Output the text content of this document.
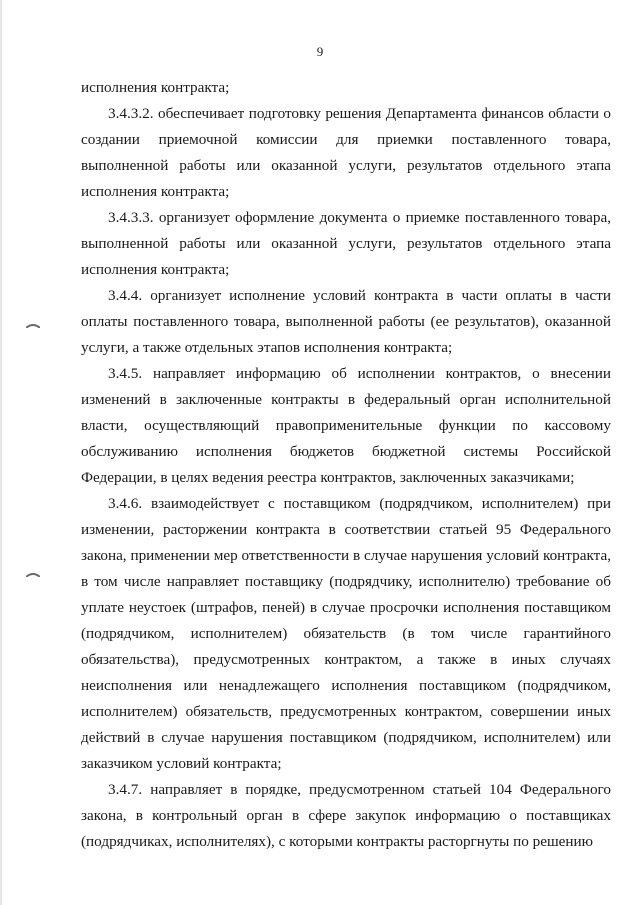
9

исполнения контракта;

3.4.3.2. обеспечивает подготовку решения Департамента финансов области о создании приемочной комиссии для приемки поставленного товара, выполненной работы или оказанной услуги, результатов отдельного этапа исполнения контракта;

3.4.3.3. организует оформление документа о приемке поставленного товара, выполненной работы или оказанной услуги, результатов отдельного этапа исполнения контракта;

3.4.4. организует исполнение условий контракта в части оплаты в части оплаты поставленного товара, выполненной работы (ее результатов), оказанной услуги, а также отдельных этапов исполнения контракта;

3.4.5. направляет информацию об исполнении контрактов, о внесении изменений в заключенные контракты в федеральный орган исполнительной власти, осуществляющий правоприменительные функции по кассовому обслуживанию исполнения бюджетов бюджетной системы Российской Федерации, в целях ведения реестра контрактов, заключенных заказчиками;

3.4.6. взаимодействует с поставщиком (подрядчиком, исполнителем) при изменении, расторжении контракта в соответствии статьей 95 Федерального закона, применении мер ответственности в случае нарушения условий контракта, в том числе направляет поставщику (подрядчику, исполнителю) требование об уплате неустоек (штрафов, пеней) в случае просрочки исполнения поставщиком (подрядчиком, исполнителем) обязательств (в том числе гарантийного обязательства), предусмотренных контрактом, а также в иных случаях неисполнения или ненадлежащего исполнения поставщиком (подрядчиком, исполнителем) обязательств, предусмотренных контрактом, совершении иных действий в случае нарушения поставщиком (подрядчиком, исполнителем) или заказчиком условий контракта;

3.4.7. направляет в порядке, предусмотренном статьей 104 Федерального закона, в контрольный орган в сфере закупок информацию о поставщиках (подрядчиках, исполнителях), с которыми контракты расторгнуты по решению
